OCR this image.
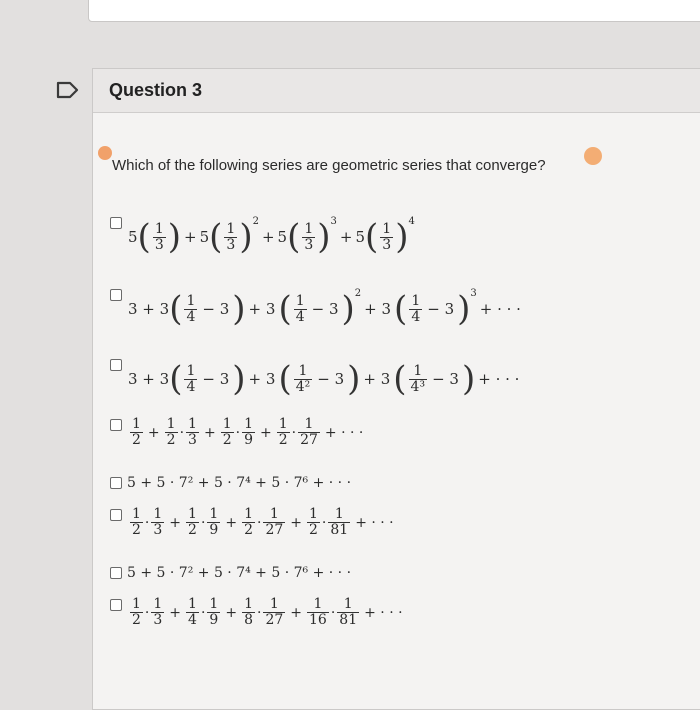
Question 3
Which of the following series are geometric series that converge?
5 ( $\frac{1}{3}$ ) + 5 ( $\frac{1}{3}$ ) 2
+ 5 ( $\frac{1}{3}$ ) 3
+ 5 ( $\frac{1}{3}$ ) 4
3 + 3 ( $\frac{1}{4} - 3$ ) + 3 ( $\frac{1}{4} - 3$ ) 2
+ 3 ( $\frac{1}{4} - 3$ ) 3
+ · · ·
3 + 3 ( $\frac{1}{4} - 3$ ) + 3 ( $\frac{1}{\text{4²}} - 3$ ) + 3 ( $\frac{1}{\text{4³}} - 3$ ) + · · ·
$\frac{1}{2} + \frac{1}{2} \cdot \frac{1}{3} + \frac{1}{2} \cdot \frac{1}{9} + \frac{1}{2} \cdot \frac{1}{27}$ + · · ·
5 + 5 · 7² + 5 · 7⁴ + 5 · 7⁶ + · · ·
$\frac{1}{2} \cdot \frac{1}{3} + \frac{1}{2} \cdot \frac{1}{9} + \frac{1}{2} \cdot \frac{1}{27} + \frac{1}{2} \cdot \frac{1}{81}$ + · · ·
5 + 5 · 7² + 5 · 7⁴ + 5 · 7⁶ + · · ·
$\frac{1}{2} \cdot \frac{1}{3} + \frac{1}{4} \cdot \frac{1}{9} + \frac{1}{8} \cdot \frac{1}{27} + \frac{1}{16} \cdot \frac{1}{81}$ + · · ·
